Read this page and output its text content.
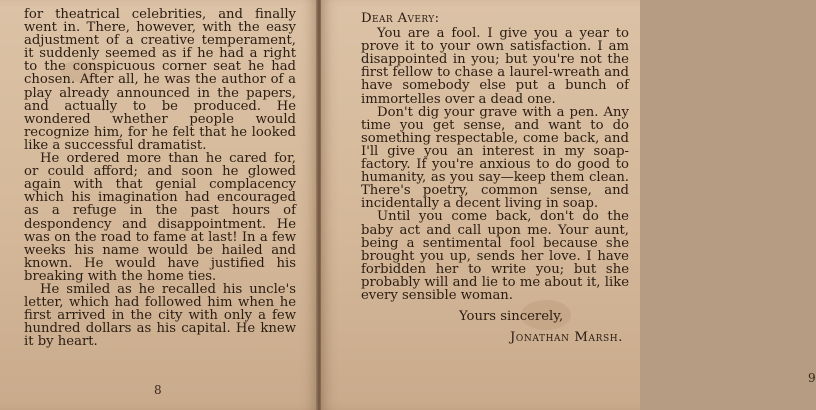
for theatrical celebrities, and finally went in. There, however, with the easy adjustment of a creative temperament, it suddenly seemed as if he had a right to the conspicuous corner seat he had chosen. After all, he was the author of a play already announced in the papers, and actually to be produced. He wondered whether people would recognize him, for he felt that he looked like a successful dramatist.

He ordered more than he cared for, or could afford; and soon he glowed again with that genial complacency which his imagination had encouraged as a refuge in the past hours of despondency and disappointment. He was on the road to fame at last! In a few weeks his name would be hailed and known. He would have justified his breaking with the home ties.

He smiled as he recalled his uncle's letter, which had followed him when he first arrived in the city with only a few hundred dollars as his capital. He knew it by heart.

8

Dear Avery:

You are a fool. I give you a year to prove it to your own satisfaction. I am disappointed in you; but you're not the first fellow to chase a laurel-wreath and have somebody else put a bunch of immortelles over a dead one.

Don't dig your grave with a pen. Any time you get sense, and want to do something respectable, come back, and I'll give you an interest in my soap-factory. If you're anxious to do good to humanity, as you say—keep them clean. There's poetry, common sense, and incidentally a decent living in soap.

Until you come back, don't do the baby act and call upon me. Your aunt, being a sentimental fool because she brought you up, sends her love. I have forbidden her to write you; but she probably will and lie to me about it, like every sensible woman.

Yours sincerely,

Jonathan Marsh.

9
